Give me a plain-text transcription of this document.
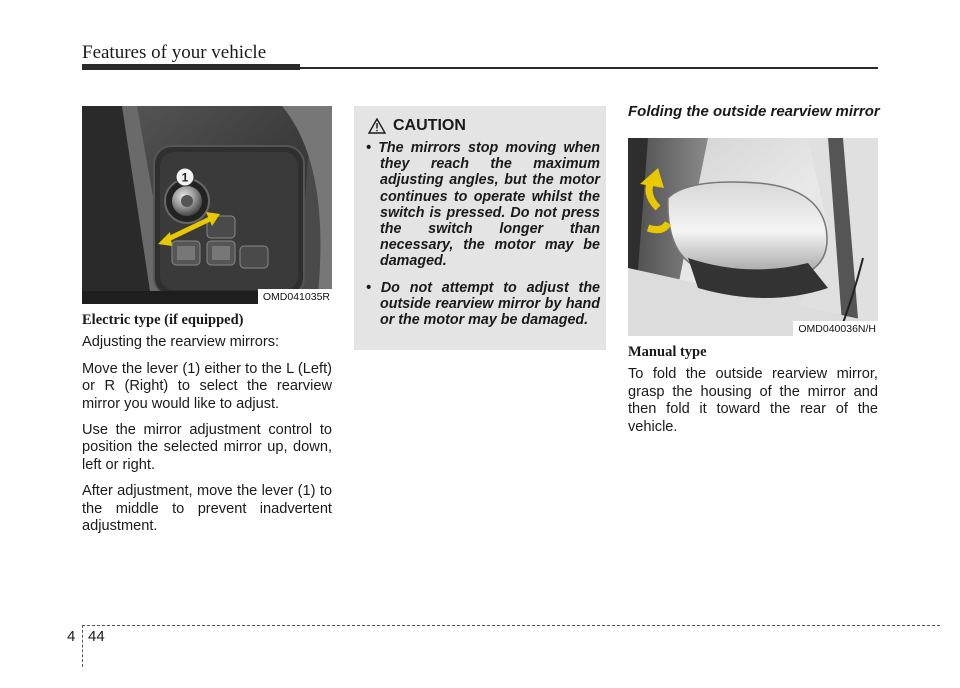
Features of your vehicle
1
OMD041035R
Electric type (if equipped)

Adjusting the rearview mirrors:

Move the lever (1) either to the L (Left) or R (Right) to select the rearview mirror you would like to adjust.

Use the mirror adjustment control to position the selected mirror up, down, left or right.

After adjustment, move the lever (1) to the middle to prevent inadvertent adjustment.

CAUTION
• The mirrors stop moving when they reach the maximum adjusting angles, but the motor continues to operate whilst the switch is pressed. Do not press the switch longer than necessary, the motor may be damaged.
• Do not attempt to adjust the outside rearview mirror by hand or the motor may be damaged.
Folding the outside rearview mirror
OMD040036N/H
Manual type

To fold the outside rearview mirror, grasp the housing of the mirror and then fold it toward the rear of the vehicle.

4 44
